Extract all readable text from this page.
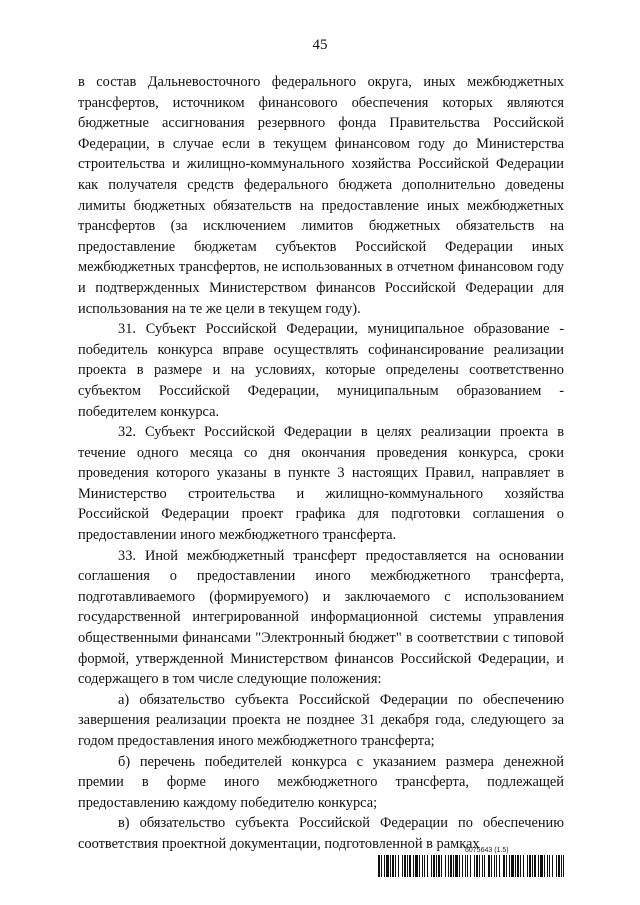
45

в состав Дальневосточного федерального округа, иных межбюджетных трансфертов, источником финансового обеспечения которых являются бюджетные ассигнования резервного фонда Правительства Российской Федерации, в случае если в текущем финансовом году до Министерства строительства и жилищно-коммунального хозяйства Российской Федерации как получателя средств федерального бюджета дополнительно доведены лимиты бюджетных обязательств на предоставление иных межбюджетных трансфертов (за исключением лимитов бюджетных обязательств на предоставление бюджетам субъектов Российской Федерации иных межбюджетных трансфертов, не использованных в отчетном финансовом году и подтвержденных Министерством финансов Российской Федерации для использования на те же цели в текущем году).

31. Субъект Российской Федерации, муниципальное образование - победитель конкурса вправе осуществлять софинансирование реализации проекта в размере и на условиях, которые определены соответственно субъектом Российской Федерации, муниципальным образованием - победителем конкурса.

32. Субъект Российской Федерации в целях реализации проекта в течение одного месяца со дня окончания проведения конкурса, сроки проведения которого указаны в пункте 3 настоящих Правил, направляет в Министерство строительства и жилищно-коммунального хозяйства Российской Федерации проект графика для подготовки соглашения о предоставлении иного межбюджетного трансферта.

33. Иной межбюджетный трансферт предоставляется на основании соглашения о предоставлении иного межбюджетного трансферта, подготавливаемого (формируемого) и заключаемого с использованием государственной интегрированной информационной системы управления общественными финансами "Электронный бюджет" в соответствии с типовой формой, утвержденной Министерством финансов Российской Федерации, и содержащего в том числе следующие положения:

а) обязательство субъекта Российской Федерации по обеспечению завершения реализации проекта не позднее 31 декабря года, следующего за годом предоставления иного межбюджетного трансферта;

б) перечень победителей конкурса с указанием размера денежной премии в форме иного межбюджетного трансферта, подлежащей предоставлению каждому победителю конкурса;

в) обязательство субъекта Российской Федерации по обеспечению соответствия проектной документации, подготовленной в рамках

6075643 (1.5)
